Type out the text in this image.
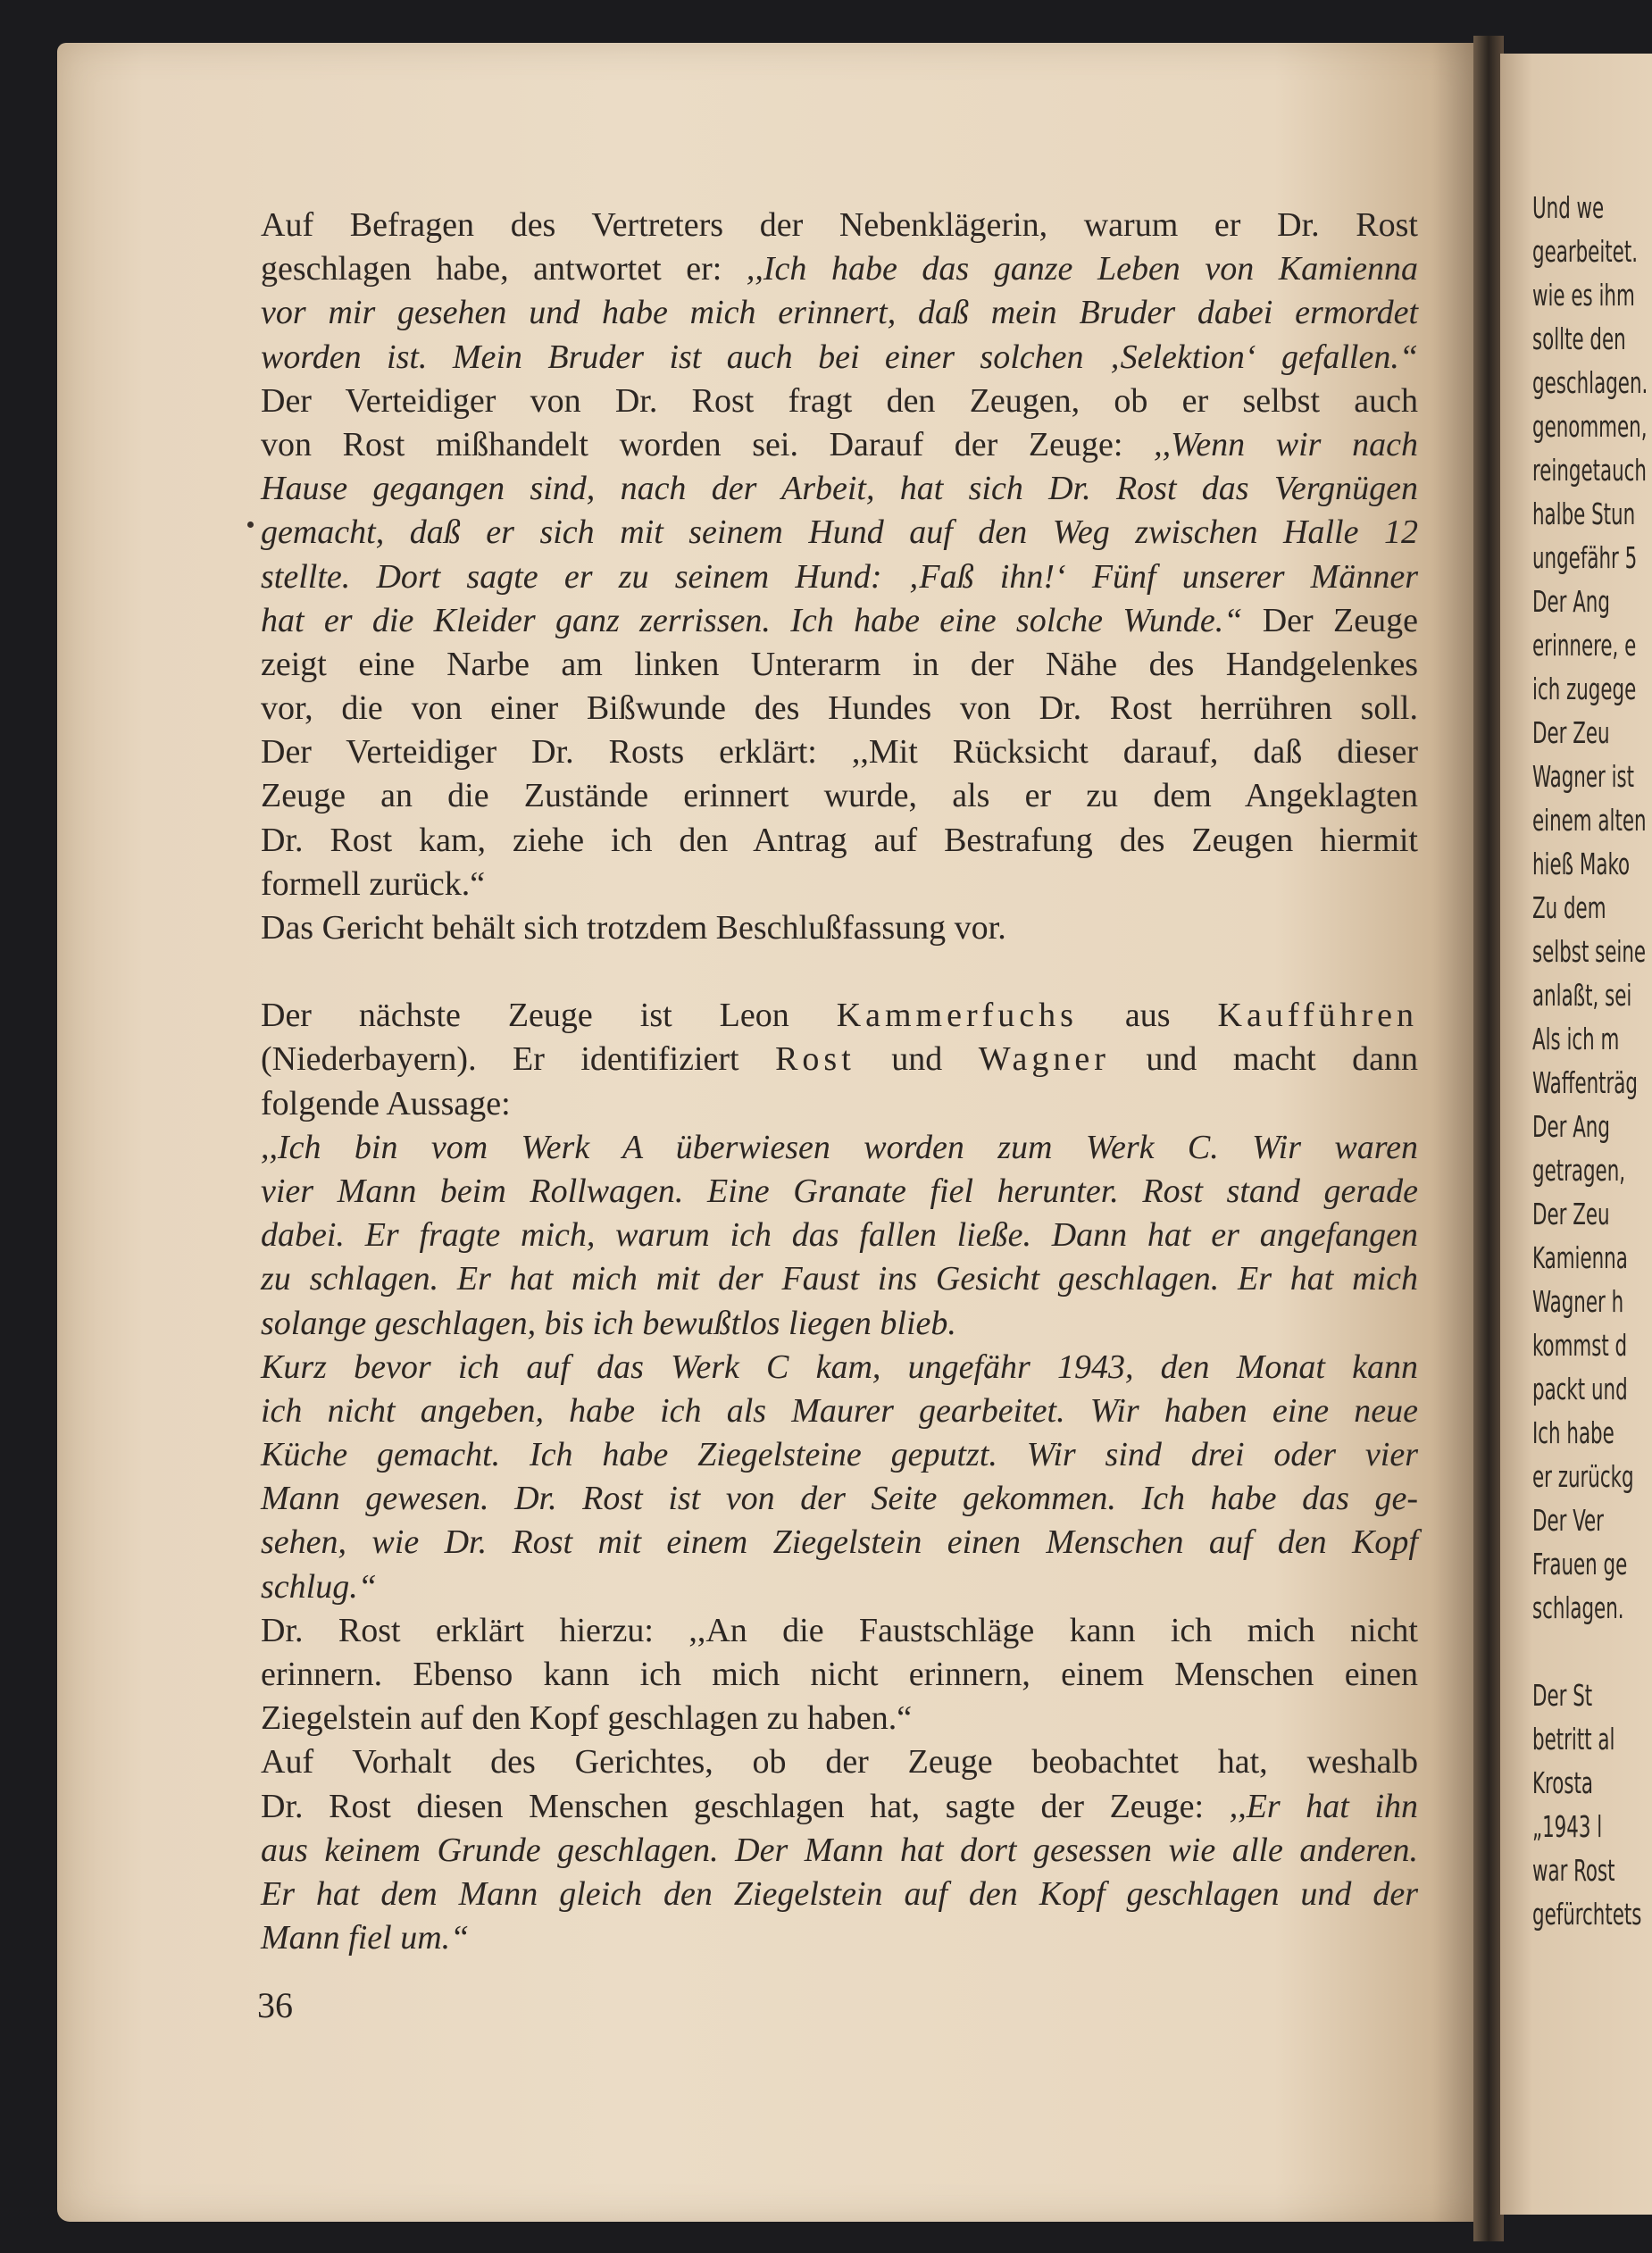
Auf Befragen des Vertreters der Nebenklägerin, warum er Dr. Rost
geschlagen habe, antwortet er: ,,Ich habe das ganze Leben von Kamienna
vor mir gesehen und habe mich erinnert, daß mein Bruder dabei ermordet
worden ist. Mein Bruder ist auch bei einer solchen ‚Selektion‘ gefallen.“
Der Verteidiger von Dr. Rost fragt den Zeugen, ob er selbst auch
von Rost mißhandelt worden sei. Darauf der Zeuge: ,,Wenn wir nach
Hause gegangen sind, nach der Arbeit, hat sich Dr. Rost das Vergnügen
gemacht, daß er sich mit seinem Hund auf den Weg zwischen Halle 12
stellte. Dort sagte er zu seinem Hund: ‚Faß ihn!‘ Fünf unserer Männer
hat er die Kleider ganz zerrissen. Ich habe eine solche Wunde.“ Der Zeuge
zeigt eine Narbe am linken Unterarm in der Nähe des Handgelenkes
vor, die von einer Bißwunde des Hundes von Dr. Rost herrühren soll.
Der Verteidiger Dr. Rosts erklärt: ,,Mit Rücksicht darauf, daß dieser
Zeuge an die Zustände erinnert wurde, als er zu dem Angeklagten
Dr. Rost kam, ziehe ich den Antrag auf Bestrafung des Zeugen hiermit
formell zurück.“
Das Gericht behält sich trotzdem Beschlußfassung vor.
Der nächste Zeuge ist Leon Kammerfuchs aus Kaufführen
(Niederbayern). Er identifiziert Rost und Wagner und macht dann
folgende Aussage:
,,Ich bin vom Werk A überwiesen worden zum Werk C. Wir waren
vier Mann beim Rollwagen. Eine Granate fiel herunter. Rost stand gerade
dabei. Er fragte mich, warum ich das fallen ließe. Dann hat er angefangen
zu schlagen. Er hat mich mit der Faust ins Gesicht geschlagen. Er hat mich
solange geschlagen, bis ich bewußtlos liegen blieb.
Kurz bevor ich auf das Werk C kam, ungefähr 1943, den Monat kann
ich nicht angeben, habe ich als Maurer gearbeitet. Wir haben eine neue
Küche gemacht. Ich habe Ziegelsteine geputzt. Wir sind drei oder vier
Mann gewesen. Dr. Rost ist von der Seite gekommen. Ich habe das ge-
sehen, wie Dr. Rost mit einem Ziegelstein einen Menschen auf den Kopf
schlug.“
Dr. Rost erklärt hierzu: ,,An die Faustschläge kann ich mich nicht
erinnern. Ebenso kann ich mich nicht erinnern, einem Menschen einen
Ziegelstein auf den Kopf geschlagen zu haben.“
Auf Vorhalt des Gerichtes, ob der Zeuge beobachtet hat, weshalb
Dr. Rost diesen Menschen geschlagen hat, sagte der Zeuge: ,,Er hat ihn
aus keinem Grunde geschlagen. Der Mann hat dort gesessen wie alle anderen.
Er hat dem Mann gleich den Ziegelstein auf den Kopf geschlagen und der
Mann fiel um.“
36
Und we
gearbeitet.
wie es ihm
sollte den
geschlagen.
genommen,
reingetauch
halbe Stun
ungefähr 5
Der Ang
erinnere, e
ich zugege
Der Zeu
Wagner ist
einem alten
hieß Mako
Zu dem
selbst seine
anlaßt, sei
Als ich m
Waffenträg
Der Ang
getragen,
Der Zeu
Kamienna
Wagner h
kommst d
packt und
Ich habe
er zurückg
Der Ver
Frauen ge
schlagen.
Der St
betritt al
Krosta
„1943 l
war Rost
gefürchtets
